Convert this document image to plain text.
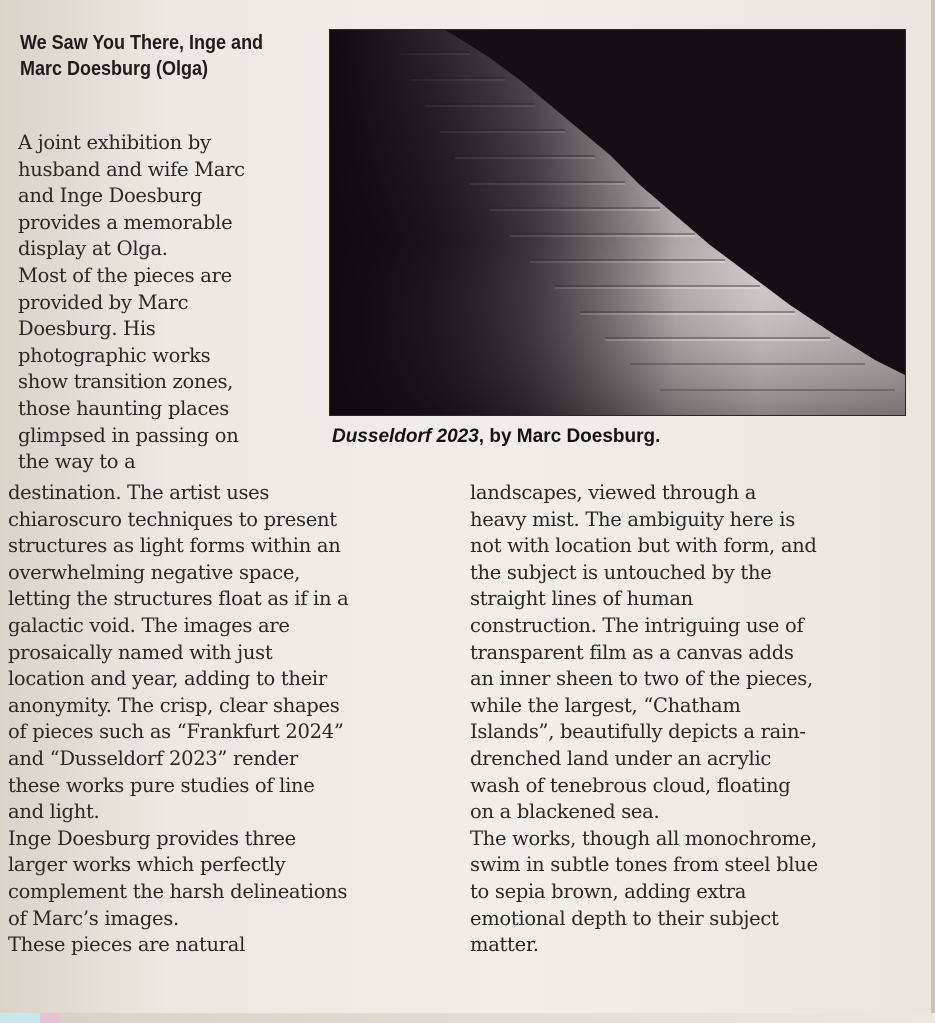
We Saw You There, Inge and Marc Doesburg (Olga)

A joint exhibition by
husband and wife Marc
and Inge Doesburg
provides a memorable
display at Olga.
Most of the pieces are
provided by Marc
Doesburg. His
photographic works
show transition zones,
those haunting places
glimpsed in passing on
the way to a

Dusseldorf 2023, by Marc Doesburg.

destination. The artist uses
chiaroscuro techniques to present
structures as light forms within an
overwhelming negative space,
letting the structures float as if in a
galactic void. The images are
prosaically named with just
location and year, adding to their
anonymity. The crisp, clear shapes
of pieces such as “Frankfurt 2024”
and “Dusseldorf 2023” render
these works pure studies of line
and light.
Inge Doesburg provides three
larger works which perfectly
complement the harsh delineations
of Marc’s images.
These pieces are natural

landscapes, viewed through a
heavy mist. The ambiguity here is
not with location but with form, and
the subject is untouched by the
straight lines of human
construction. The intriguing use of
transparent film as a canvas adds
an inner sheen to two of the pieces,
while the largest, “Chatham
Islands”, beautifully depicts a rain-
drenched land under an acrylic
wash of tenebrous cloud, floating
on a blackened sea.
The works, though all monochrome,
swim in subtle tones from steel blue
to sepia brown, adding extra
emotional depth to their subject
matter.
